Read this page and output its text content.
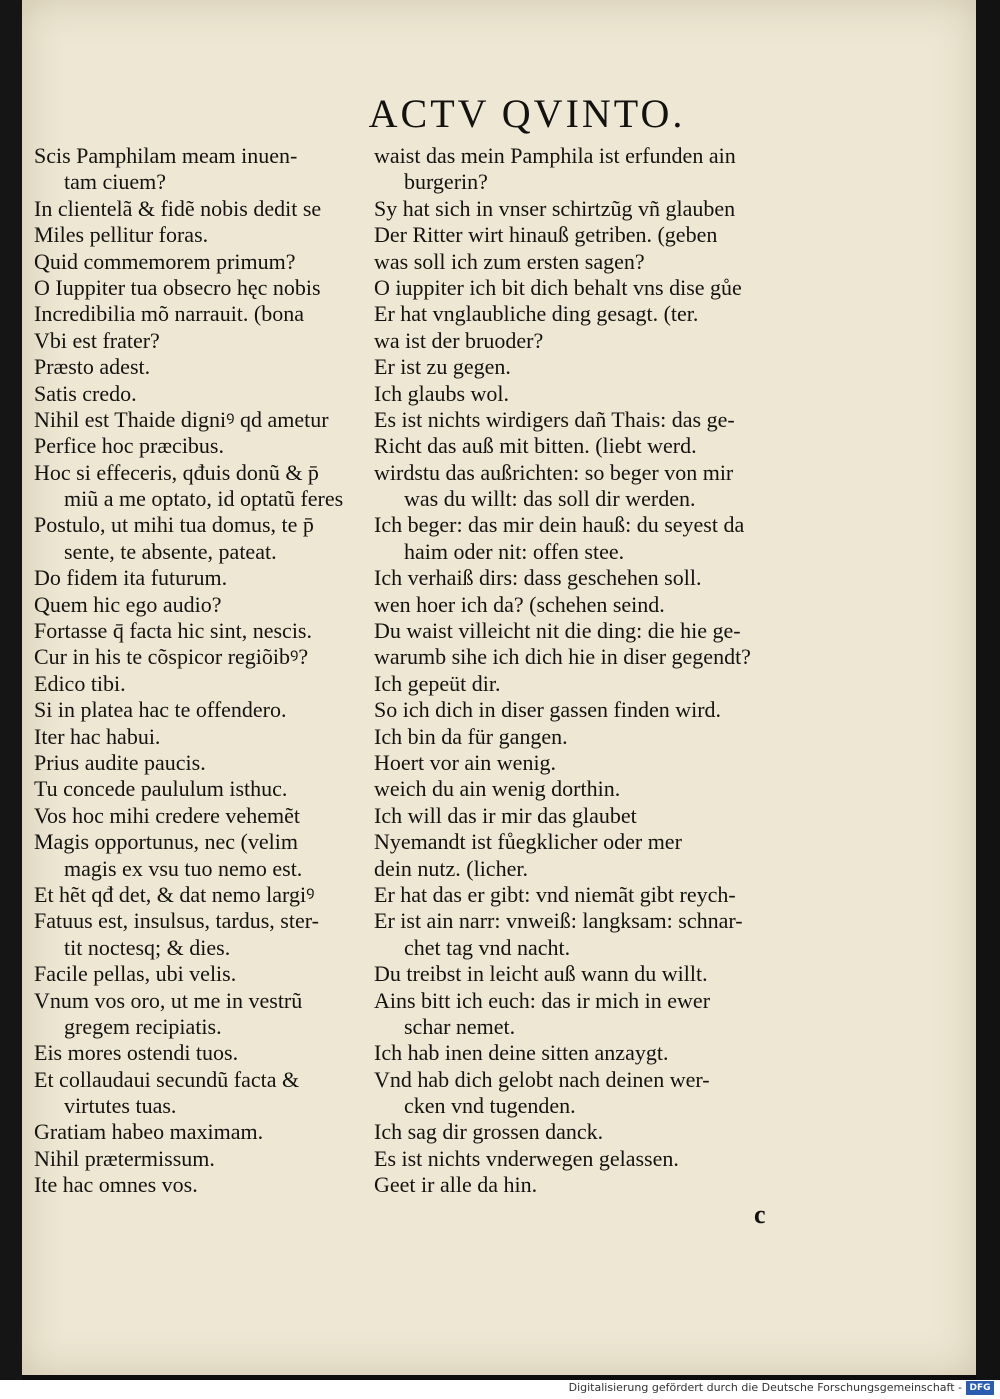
ACTV QVINTO.
Scis Pamphilam meam inuen-
tam ciuem?
In clientelã & fidẽ nobis dedit se
Miles pellitur foras.
Quid commemorem primum?
O Iuppiter tua obsecro hęc nobis
Incredibilia mõ narrauit. (bona
Vbi est frater?
Præsto adest.
Satis credo.
Nihil est Thaide digniꝰ qd ametur
Perfice hoc præcibus.
Hoc si effeceris, qđuis donũ & p̄
miũ a me optato, id optatũ feres
Postulo, ut mihi tua domus, te p̄
sente, te absente, pateat.
Do fidem ita futurum.
Quem hic ego audio?
Fortasse q̄ facta hic sint, nescis.
Cur in his te cõspicor regiõibꝰ?
Edico tibi.
Si in platea hac te offendero.
Iter hac habui.
Prius audite paucis.
Tu concede paululum isthuc.
Vos hoc mihi credere vehemẽt
Magis opportunus, nec (velim
magis ex vsu tuo nemo est.
Et hẽt qđ det, & dat nemo largiꝰ
Fatuus est, insulsus, tardus, ster-
tit noctesq; & dies.
Facile pellas, ubi velis.
Vnum vos oro, ut me in vestrũ
gregem recipiatis.
Eis mores ostendi tuos.
Et collaudaui secundũ facta &
virtutes tuas.
Gratiam habeo maximam.
Nihil prætermissum.
Ite hac omnes vos.
waist das mein Pamphila ist erfunden ain
burgerin?
Sy hat sich in vnser schirtzũg vñ glauben
Der Ritter wirt hinauß getriben. (geben
was soll ich zum ersten sagen?
O iuppiter ich bit dich behalt vns dise gůe
Er hat vnglaubliche ding gesagt. (ter.
wa ist der bruoder?
Er ist zu gegen.
Ich glaubs wol.
Es ist nichts wirdigers dañ Thais: das ge-
Richt das auß mit bitten. (liebt werd.
wirdstu das außrichten: so beger von mir
was du willt: das soll dir werden.
Ich beger: das mir dein hauß: du seyest da
haim oder nit: offen stee.
Ich verhaiß dirs: dass geschehen soll.
wen hoer ich da? (schehen seind.
Du waist villeicht nit die ding: die hie ge-
warumb sihe ich dich hie in diser gegendt?
Ich gepeüt dir.
So ich dich in diser gassen finden wird.
Ich bin da für gangen.
Hoert vor ain wenig.
weich du ain wenig dorthin.
Ich will das ir mir das glaubet
Nyemandt ist fůegklicher oder mer
dein nutz. (licher.
Er hat das er gibt: vnd niemãt gibt reych-
Er ist ain narr: vnweiß: langksam: schnar-
chet tag vnd nacht.
Du treibst in leicht auß wann du willt.
Ains bitt ich euch: das ir mich in ewer
schar nemet.
Ich hab inen deine sitten anzaygt.
Vnd hab dich gelobt nach deinen wer-
cken vnd tugenden.
Ich sag dir grossen danck.
Es ist nichts vnderwegen gelassen.
Geet ir alle da hin.
c
Digitalisierung gefördert durch die Deutsche Forschungsgemeinschaft - DFG
